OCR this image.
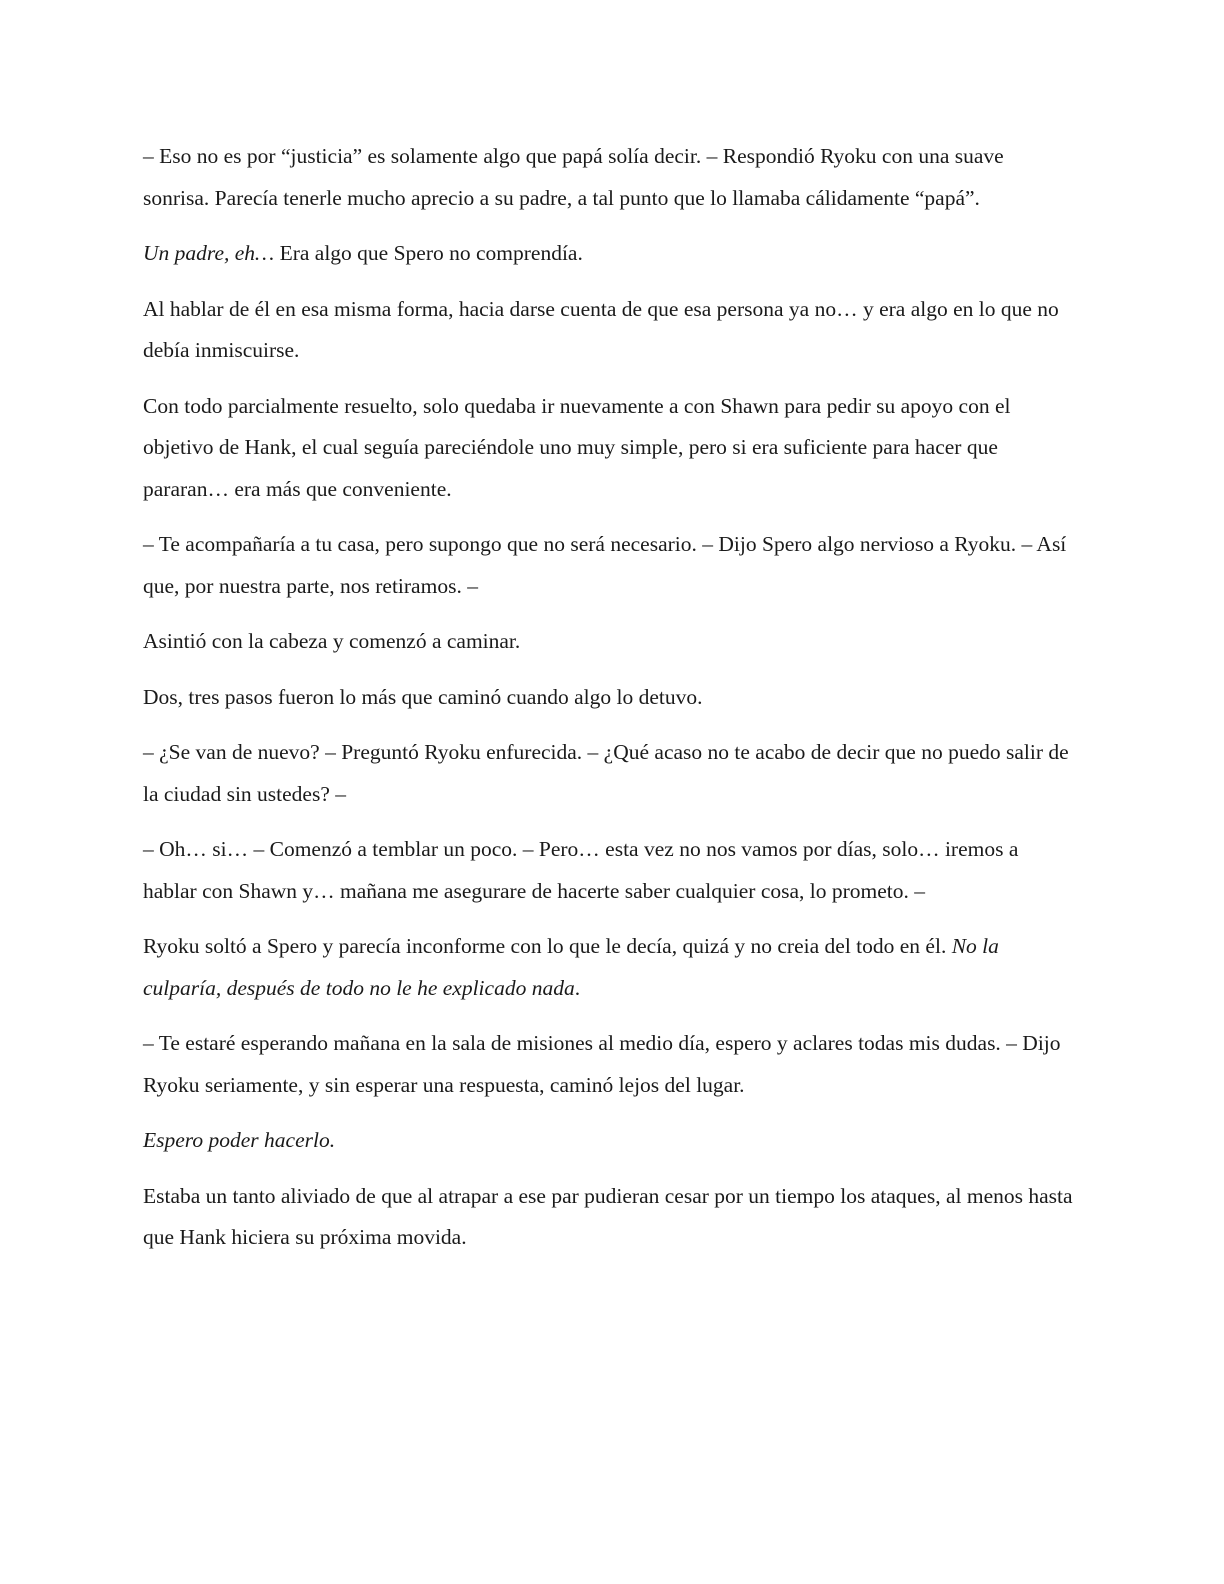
– Eso no es por “justicia” es solamente algo que papá solía decir. – Respondió Ryoku con una suave sonrisa. Parecía tenerle mucho aprecio a su padre, a tal punto que lo llamaba cálidamente “papá”.

Un padre, eh… Era algo que Spero no comprendía.

Al hablar de él en esa misma forma, hacia darse cuenta de que esa persona ya no… y era algo en lo que no debía inmiscuirse.

Con todo parcialmente resuelto, solo quedaba ir nuevamente a con Shawn para pedir su apoyo con el objetivo de Hank, el cual seguía pareciéndole uno muy simple, pero si era suficiente para hacer que pararan… era más que conveniente.

– Te acompañaría a tu casa, pero supongo que no será necesario. – Dijo Spero algo nervioso a Ryoku. – Así que, por nuestra parte, nos retiramos. –

Asintió con la cabeza y comenzó a caminar.

Dos, tres pasos fueron lo más que caminó cuando algo lo detuvo.

– ¿Se van de nuevo? – Preguntó Ryoku enfurecida. – ¿Qué acaso no te acabo de decir que no puedo salir de la ciudad sin ustedes? –

– Oh… si… – Comenzó a temblar un poco. – Pero… esta vez no nos vamos por días, solo… iremos a hablar con Shawn y… mañana me asegurare de hacerte saber cualquier cosa, lo prometo. –

Ryoku soltó a Spero y parecía inconforme con lo que le decía, quizá y no creia del todo en él. No la culparía, después de todo no le he explicado nada.

– Te estaré esperando mañana en la sala de misiones al medio día, espero y aclares todas mis dudas. – Dijo Ryoku seriamente, y sin esperar una respuesta, caminó lejos del lugar.

Espero poder hacerlo.

Estaba un tanto aliviado de que al atrapar a ese par pudieran cesar por un tiempo los ataques, al menos hasta que Hank hiciera su próxima movida.
